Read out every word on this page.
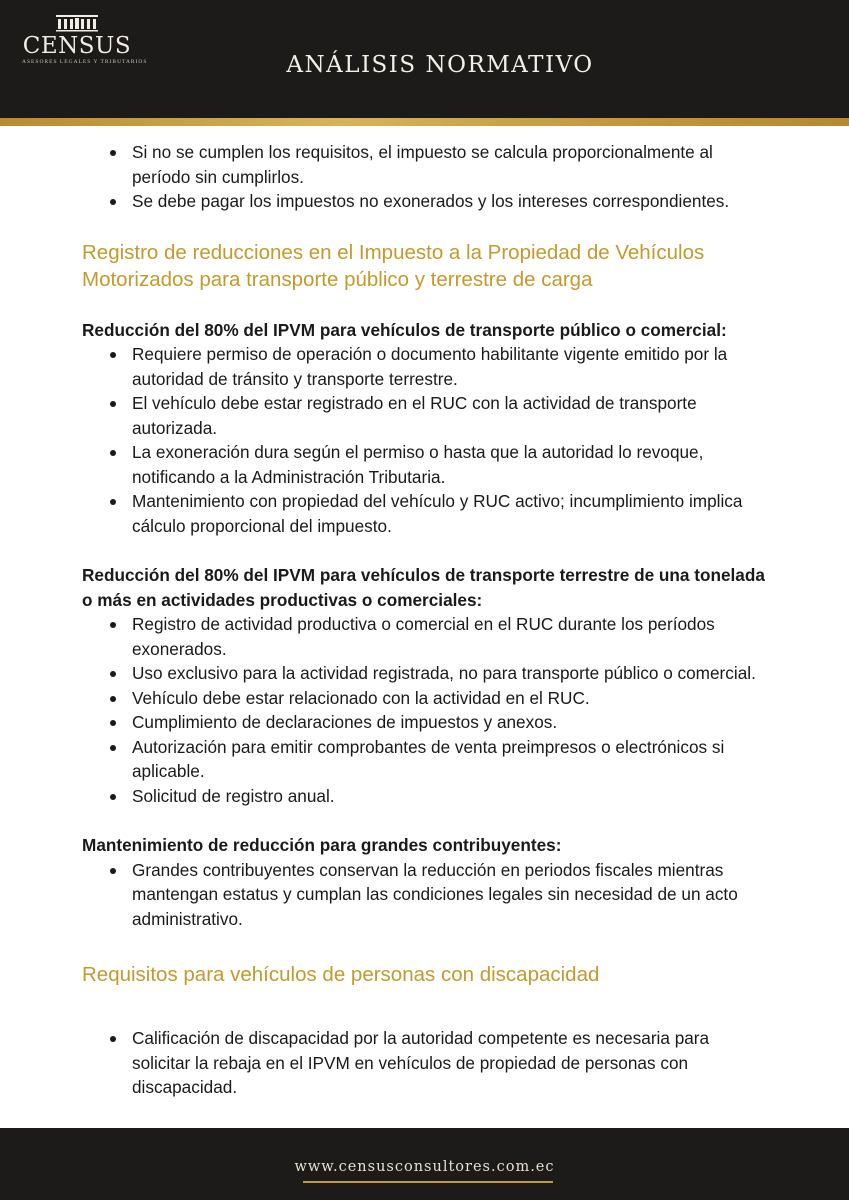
CENSUS
ASESORES LEGALES Y TRIBUTARIOS	ANÁLISIS NORMATIVO
Si no se cumplen los requisitos, el impuesto se calcula proporcionalmente al período sin cumplirlos.
Se debe pagar los impuestos no exonerados y los intereses correspondientes.
Registro de reducciones en el Impuesto a la Propiedad de Vehículos Motorizados para transporte público y terrestre de carga

Reducción del 80% del IPVM para vehículos de transporte público o comercial:

Requiere permiso de operación o documento habilitante vigente emitido por la autoridad de tránsito y transporte terrestre.
El vehículo debe estar registrado en el RUC con la actividad de transporte autorizada.
La exoneración dura según el permiso o hasta que la autoridad lo revoque, notificando a la Administración Tributaria.
Mantenimiento con propiedad del vehículo y RUC activo; incumplimiento implica cálculo proporcional del impuesto.

Reducción del 80% del IPVM para vehículos de transporte terrestre de una tonelada o más en actividades productivas o comerciales:

Registro de actividad productiva o comercial en el RUC durante los períodos exonerados.
Uso exclusivo para la actividad registrada, no para transporte público o comercial.
Vehículo debe estar relacionado con la actividad en el RUC.
Cumplimiento de declaraciones de impuestos y anexos.
Autorización para emitir comprobantes de venta preimpresos o electrónicos si aplicable.
Solicitud de registro anual.

Mantenimiento de reducción para grandes contribuyentes:

Grandes contribuyentes conservan la reducción en periodos fiscales mientras mantengan estatus y cumplan las condiciones legales sin necesidad de un acto administrativo.
Requisitos para vehículos de personas con discapacidad
Calificación de discapacidad por la autoridad competente es necesaria para solicitar la rebaja en el IPVM en vehículos de propiedad de personas con discapacidad.
www.censusconsultores.com.ec
